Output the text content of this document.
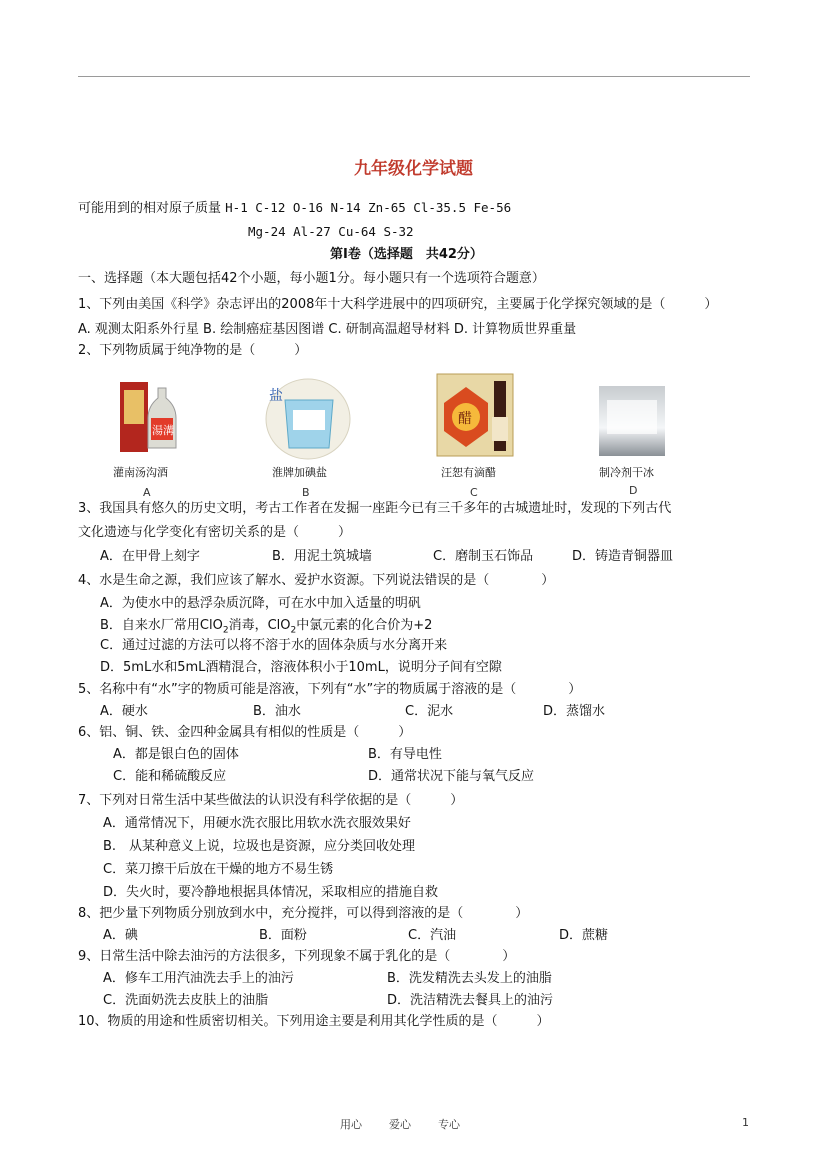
九年级化学试题
可能用到的相对原子质量 H-1 C-12 O-16 N-14 Zn-65 Cl-35.5 Fe-56
Mg-24 Al-27 Cu-64 S-32
第Ⅰ卷（选择题　共42分）
一、选择题（本大题包括42个小题，每小题1分。每小题只有一个选项符合题意）
1、下列由美国《科学》杂志评出的2008年十大科学进展中的四项研究，主要属于化学探究领域的是（　　　）
A. 观测太阳系外行星 B. 绘制癌症基因图谱 C. 研制高温超导材料 D. 计算物质世界重量
2、下列物质属于纯净物的是（　　　）
湯溝
灌南汤沟酒
A
盐
淮牌加碘盐
B
醋
汪恕有滴醋
C
制冷剂干冰
D
3、我国具有悠久的历史文明，考古工作者在发掘一座距今已有三千多年的古城遗址时，发现的下列古代
文化遗迹与化学变化有密切关系的是（　　　）
A．在甲骨上刻字	B．用泥土筑城墙	C．磨制玉石饰品	D．铸造青铜器皿
4、水是生命之源，我们应该了解水、爱护水资源。下列说法错误的是（　　　　）
A．为使水中的悬浮杂质沉降，可在水中加入适量的明矾
B．自来水厂常用ClO$_2$消毒，ClO$_2$中氯元素的化合价为+2
C．通过过滤的方法可以将不溶于水的固体杂质与水分离开来
D．5mL水和5mL酒精混合，溶液体积小于10mL，说明分子间有空隙
5、名称中有“水”字的物质可能是溶液，下列有“水”字的物质属于溶液的是（　　　　）
A．硬水	B．油水	C．泥水	D．蒸馏水
6、铝、铜、铁、金四种金属具有相似的性质是（　　　）
A．都是银白色的固体	B．有导电性
C．能和稀硫酸反应	D．通常状况下能与氧气反应
7、下列对日常生活中某些做法的认识没有科学依据的是（　　　）
A．通常情况下，用硬水洗衣服比用软水洗衣服效果好
B.　从某种意义上说，垃圾也是资源，应分类回收处理
C．菜刀擦干后放在干燥的地方不易生锈
D．失火时，要冷静地根据具体情况，采取相应的措施自救
8、把少量下列物质分别放到水中，充分搅拌，可以得到溶液的是（　　　　）
A．碘	B．面粉	C．汽油	D．蔗糖
9、日常生活中除去油污的方法很多，下列现象不属于乳化的是（　　　　）
A．修车工用汽油洗去手上的油污	B．洗发精洗去头发上的油脂
C．洗面奶洗去皮肤上的油脂	D．洗洁精洗去餐具上的油污
10、物质的用途和性质密切相关。下列用途主要是利用其化学性质的是（　　　）
用心 爱心 专心	1
